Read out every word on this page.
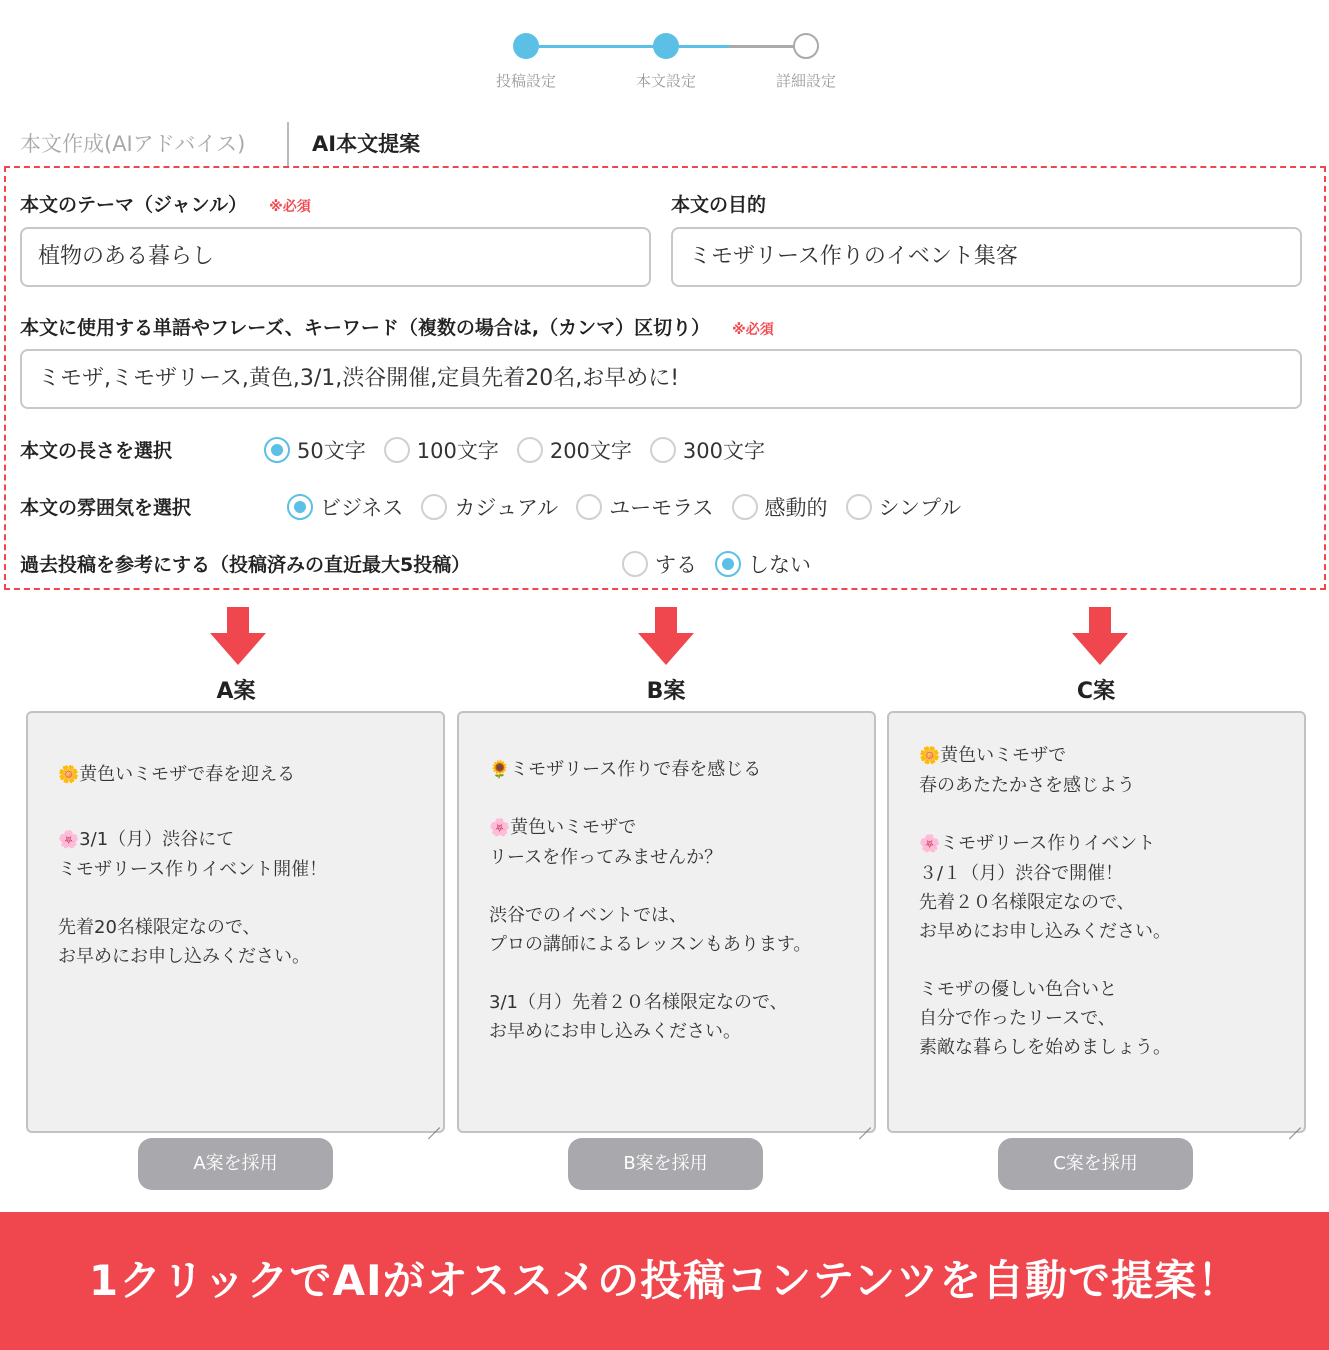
投稿設定	本文設定	詳細設定
本文作成(AIアドバイス)	AI本文提案
本文のテーマ（ジャンル） ※必須
植物のある暮らし
本文の目的
ミモザリース作りのイベント集客
本文に使用する単語やフレーズ、キーワード（複数の場合は,（カンマ）区切り） ※必須
ミモザ,ミモザリース,黄色,3/1,渋谷開催,定員先着20名,お早めに!
本文の長さを選択	50文字 100文字 200文字 300文字
本文の雰囲気を選択	ビジネス カジュアル ユーモラス 感動的 シンプル
過去投稿を参考にする（投稿済みの直近最大5投稿）	する しない
A案	B案	C案
🌼黄色いミモザで春を迎える
🌸3/1（月）渋谷にて
ミモザリース作りイベント開催！

先着20名様限定なので、
お早めにお申し込みください。
🌻ミモザリース作りで春を感じる
🌸黄色いミモザで
リースを作ってみませんか？

渋谷でのイベントでは、
プロの講師によるレッスンもあります。

3/1（月）先着２０名様限定なので、
お早めにお申し込みください。
🌼黄色いミモザで
春のあたたかさを感じよう
🌸ミモザリース作りイベント
３/１（月）渋谷で開催！
先着２０名様限定なので、
お早めにお申し込みください。

ミモザの優しい色合いと
自分で作ったリースで、
素敵な暮らしを始めましょう。
A案を採用	B案を採用	C案を採用
1クリックでAIがオススメの投稿コンテンツを自動で提案！
